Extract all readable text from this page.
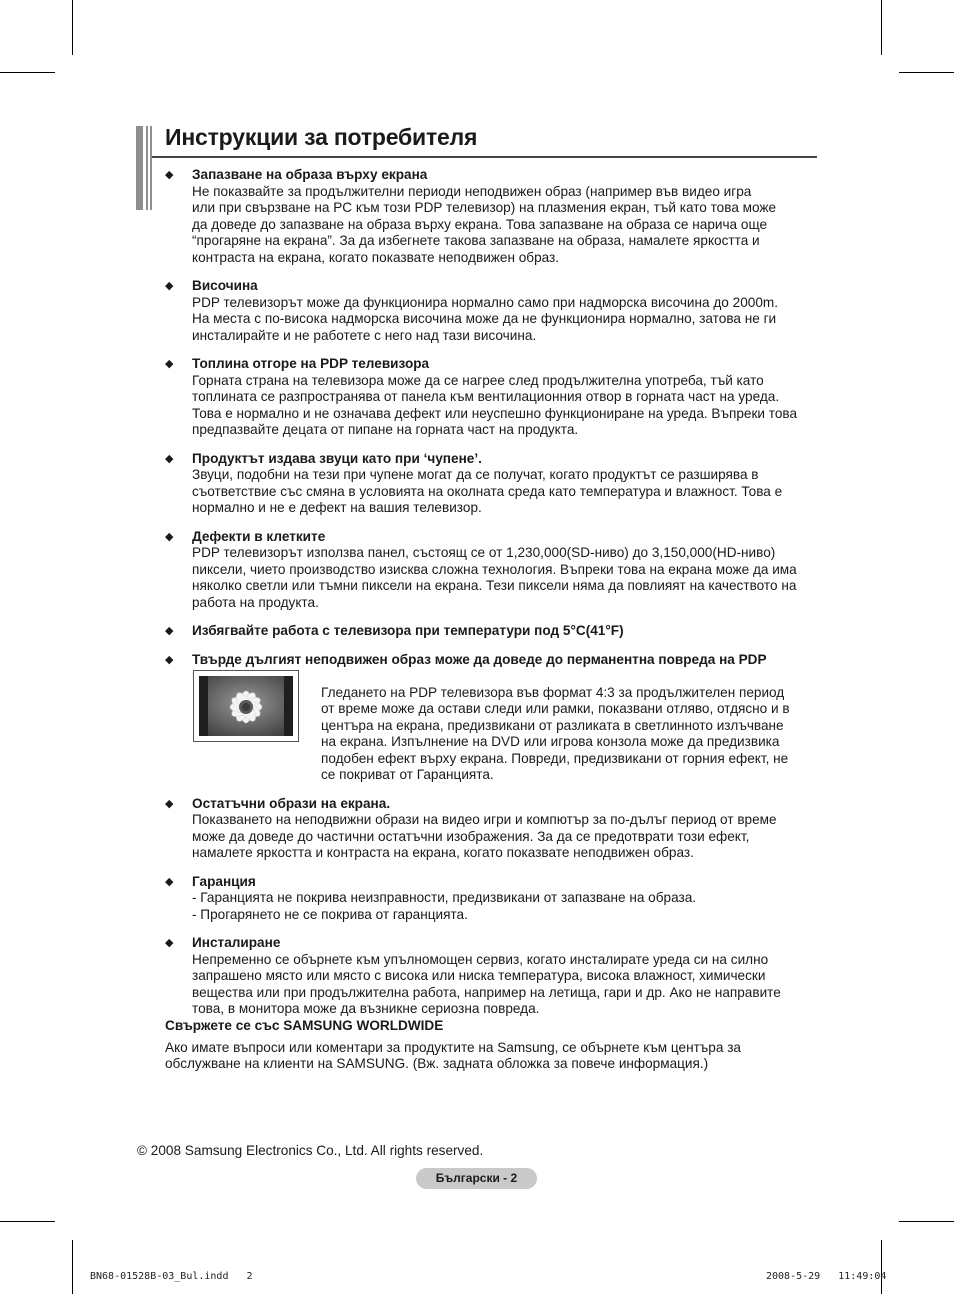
Инструкции за потребителя
◆ Запазване на образа върху екрана

Не показвайте за продължителни периоди неподвижен образ (например във видео игра
или при свързване на PC към този PDP телевизор) на плазмения екран, тъй като това може
да доведе до запазване на образа върху екрана. Това запазване на образа се нарича още
“прогаряне на екрана”. За да избегнете такова запазване на образа, намалете яркостта и
контраста на екрана, когато показвате неподвижен образ.

◆ Височина

PDP телевизорът може да функционира нормално само при надморска височина до 2000m.
На места с по-висока надморска височина може да не функционира нормално, затова не ги
инсталирайте и не работете с него над тази височина.

◆ Топлина отгоре на PDP телевизора

Горната страна на телевизора може да се нагрее след продължителна употреба, тъй като
топлината се разпространява от панела към вентилационния отвор в горната част на уреда.
Това е нормално и не означава дефект или неуспешно функциониране на уреда. Въпреки това
предпазвайте децата от пипане на горната част на продукта.

◆ Продуктът издава звуци като при ‘чупене’.

Звуци, подобни на тези при чупене могат да се получат, когато продуктът се разширява в
съответствие със смяна в условията на околната среда като температура и влажност. Това е
нормално и не е дефект на вашия телевизор.

◆ Дефекти в клетките

PDP телевизорът използва панел, състоящ се от 1,230,000(SD-ниво) до 3,150,000(HD-ниво)
пиксели, чието производство изисква сложна технология. Въпреки това на екрана може да има
няколко светли или тъмни пиксели на екрана. Тези пиксели няма да повлияят на качеството на
работа на продукта.

◆ Избягвайте работа с телевизора при температури под 5°C(41°F)

◆ Твърде дългият неподвижен образ може да доведе до перманентна повреда на PDP

Гледането на PDP телевизора във формат 4:3 за продължителен период
от време може да остави следи или рамки, показвани отляво, отдясно и в
центъра на екрана, предизвикани от разликата в светлинното излъчване
на екрана. Изпълнение на DVD или игрова конзола може да предизвика
подобен ефект върху екрана. Повреди, предизвикани от горния ефект, не
се покриват от Гаранцията.

◆ Остатъчни образи на екрана.

Показването на неподвижни образи на видео игри и компютър за по-дълъг период от време
може да доведе до частични остатъчни изображения. За да се предотврати този ефект,
намалете яркостта и контраста на екрана, когато показвате неподвижен образ.

◆ Гаранция

- Гаранцията не покрива неизправности, предизвикани от запазване на образа.
- Прогарянето не се покрива от гаранцията.

◆ Инсталиране

Непременно се обърнете към упълномощен сервиз, когато инсталирате уреда си на силно
запрашено място или място с висока или ниска температура, висока влажност, химически
вещества или при продължителна работа, например на летища, гари и др. Ако не направите
това, в монитора може да възникне сериозна повреда.

Свържете се със SAMSUNG WORLDWIDE

Ако имате въпроси или коментари за продуктите на Samsung, се обърнете към центъра за
обслужване на клиенти на SAMSUNG. (Вж. задната обложка за повече информация.)

© 2008 Samsung Electronics Co., Ltd. All rights reserved.
Български - 2
BN68-01528B-03_Bul.indd   2	2008-5-29   11:49:04
